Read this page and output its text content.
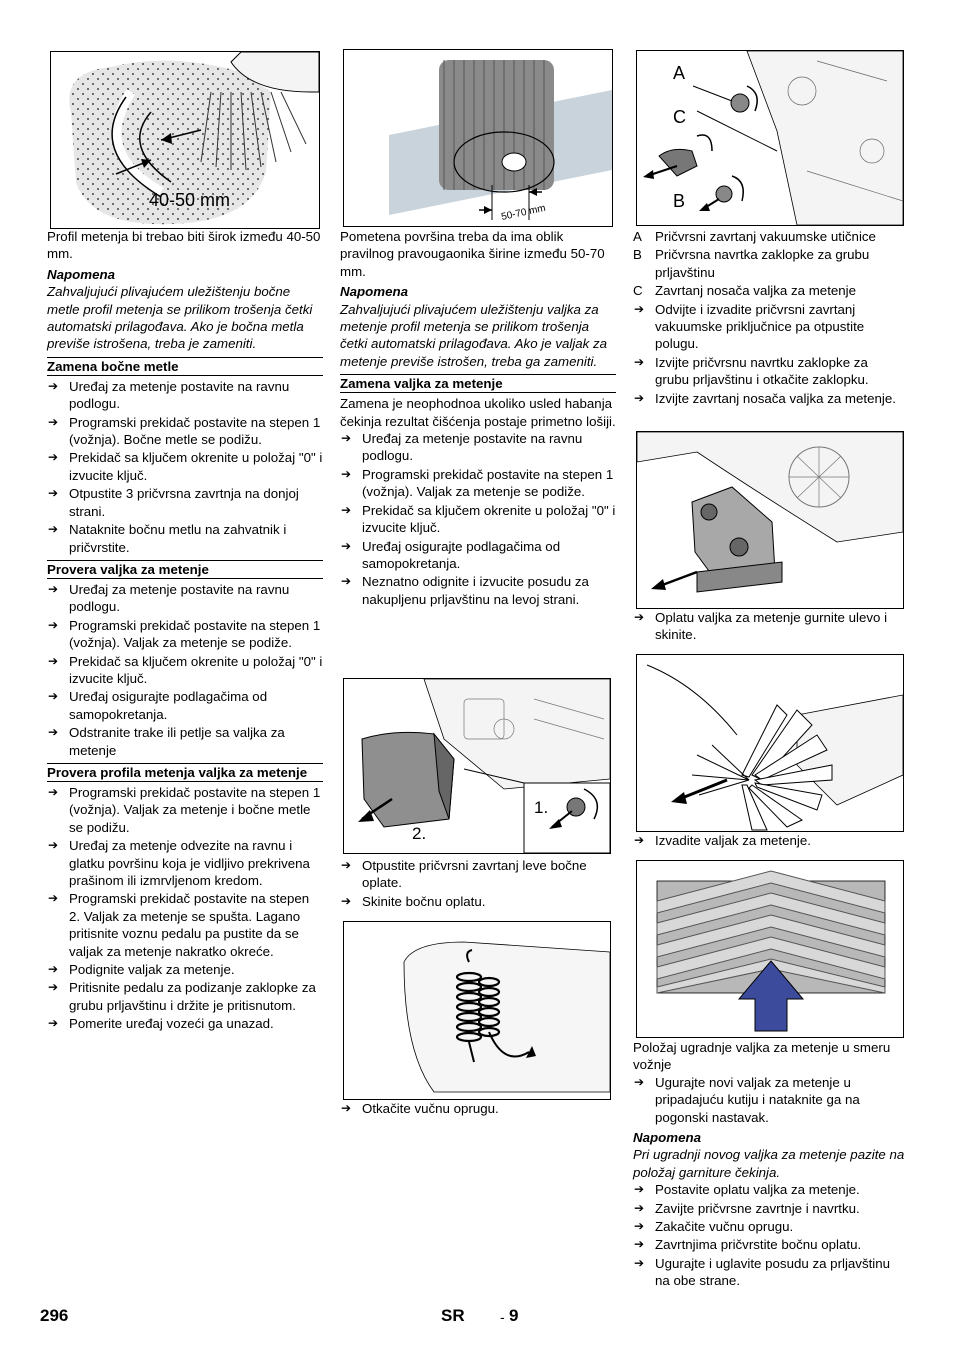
40-50 mm

Profil metenja bi trebao biti širok između 40-50 mm.

Napomena

Zahvaljujući plivajućem uležištenju bočne metle profil metenja se prilikom trošenja četki automatski prilagođava. Ako je bočna metla previše istrošena, treba je zameniti.

Zamena bočne metle

➔ Uređaj za metenje postavite na ravnu podlogu.
➔ Programski prekidač postavite na stepen 1 (vožnja). Bočne metle se podižu.
➔ Prekidač sa ključem okrenite u položaj "0" i izvucite ključ.
➔ Otpustite 3 pričvrsna zavrtnja na donjoj strani.
➔ Nataknite bočnu metlu na zahvatnik i pričvrstite.

Provera valjka za metenje

➔ Uređaj za metenje postavite na ravnu podlogu.
➔ Programski prekidač postavite na stepen 1 (vožnja). Valjak za metenje se podiže.
➔ Prekidač sa ključem okrenite u položaj "0" i izvucite ključ.
➔ Uređaj osigurajte podlagačima od samopokretanja.
➔ Odstranite trake ili petlje sa valjka za metenje

Provera profila metenja valjka za metenje

➔ Programski prekidač postavite na stepen 1 (vožnja). Valjak za metenje i bočne metle se podižu.
➔ Uređaj za metenje odvezite na ravnu i glatku površinu koja je vidljivo prekrivena prašinom ili izmrvljenom kredom.
➔ Programski prekidač postavite na stepen 2. Valjak za metenje se spušta. Lagano pritisnite voznu pedalu pa pustite da se valjak za metenje nakratko okreće.
➔ Podignite valjak za metenje.
➔ Pritisnite pedalu za podizanje zaklopke za grubu prljavštinu i držite je pritisnutom.
➔ Pomerite uređaj vozeći ga unazad.
50-70 mm

Pometena površina treba da ima oblik pravilnog pravougaonika širine između 50-70 mm.

Napomena

Zahvaljujući plivajućem uležištenju valjka za metenje profil metenja se prilikom trošenja četki automatski prilagođava. Ako je valjak za metenje previše istrošen, treba ga zameniti.

Zamena valjka za metenje

Zamena je neophodnoa ukoliko usled habanja čekinja rezultat čišćenja postaje primetno lošiji.

➔ Uređaj za metenje postavite na ravnu podlogu.
➔ Programski prekidač postavite na stepen 1 (vožnja). Valjak za metenje se podiže.
➔ Prekidač sa ključem okrenite u položaj "0" i izvucite ključ.
➔ Uređaj osigurajte podlagačima od samopokretanja.
➔ Neznatno odignite i izvucite posudu za nakupljenu prljavštinu na levoj strani.
2.
1.
➔ Otpustite pričvrsni zavrtanj leve bočne oplate.
➔ Skinite bočnu oplatu.
➔ Otkačite vučnu oprugu.
A
C
B
A Pričvrsni zavrtanj vakuumske utičnice
B Pričvrsna navrtka zaklopke za grubu prljavštinu
C Zavrtanj nosača valjka za metenje
➔ Odvijte i izvadite pričvrsni zavrtanj vakuumske priključnice pa otpustite polugu.
➔ Izvijte pričvrsnu navrtku zaklopke za grubu prljavštinu i otkačite zaklopku.
➔ Izvijte zavrtanj nosača valjka za metenje.
➔ Oplatu valjka za metenje gurnite ulevo i skinite.
➔ Izvadite valjak za metenje.

Položaj ugradnje valjka za metenje u smeru vožnje

➔ Ugurajte novi valjak za metenje u pripadajuću kutiju i nataknite ga na pogonski nastavak.

Napomena

Pri ugradnji novog valjka za metenje pazite na položaj garniture čekinja.

➔ Postavite oplatu valjka za metenje.
➔ Zavijte pričvrsne zavrtnje i navrtku.
➔ Zakačite vučnu oprugu.
➔ Zavrtnjima pričvrstite bočnu oplatu.
➔ Ugurajte i uglavite posudu za prljavštinu na obe strane.
296	SR	- 9
